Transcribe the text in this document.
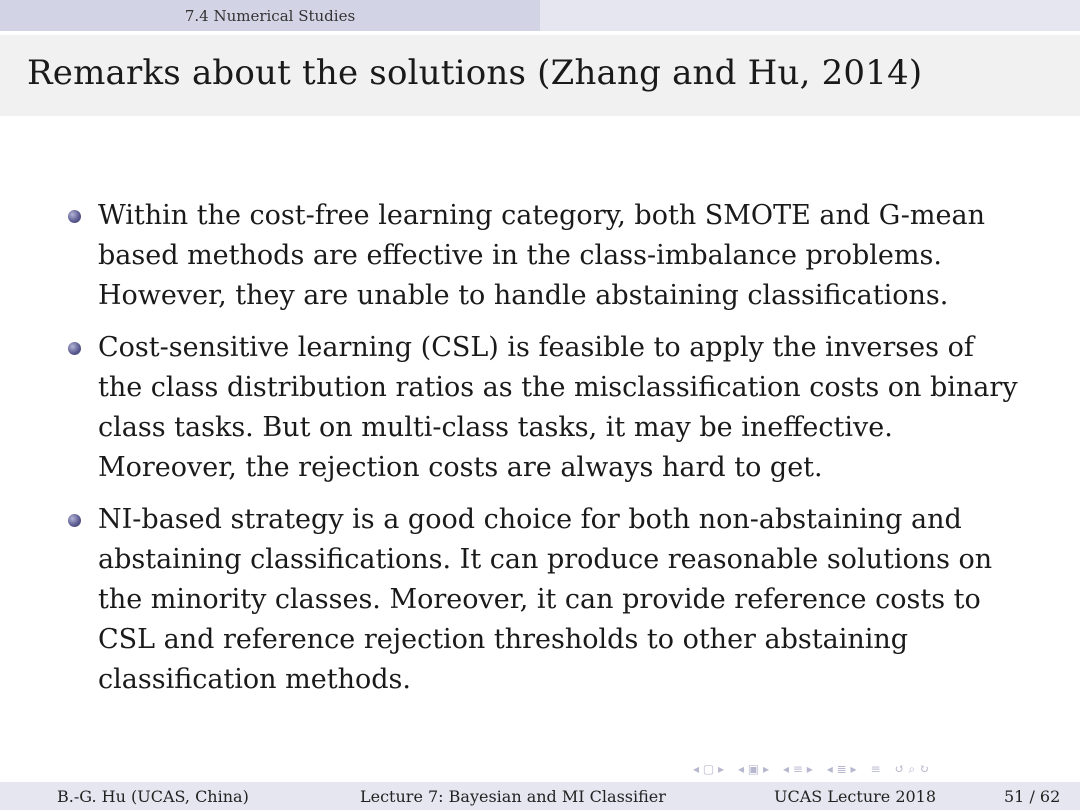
7.4 Numerical Studies
Remarks about the solutions (Zhang and Hu, 2014)
Within the cost-free learning category, both SMOTE and G-mean
based methods are effective in the class-imbalance problems.
However, they are unable to handle abstaining classifications.
Cost-sensitive learning (CSL) is feasible to apply the inverses of
the class distribution ratios as the misclassification costs on binary
class tasks. But on multi-class tasks, it may be ineffective.
Moreover, the rejection costs are always hard to get.
NI-based strategy is a good choice for both non-abstaining and
abstaining classifications. It can produce reasonable solutions on
the minority classes. Moreover, it can provide reference costs to
CSL and reference rejection thresholds to other abstaining
classification methods.
◂ ▢ ▸ ◂ ▣ ▸ ◂ ≡ ▸ ◂ ≣ ▸ ≡ ↺ ⌕ ↻
B.-G. Hu (UCAS, China)	Lecture 7: Bayesian and MI Classifier	UCAS Lecture 2018	51 / 62
